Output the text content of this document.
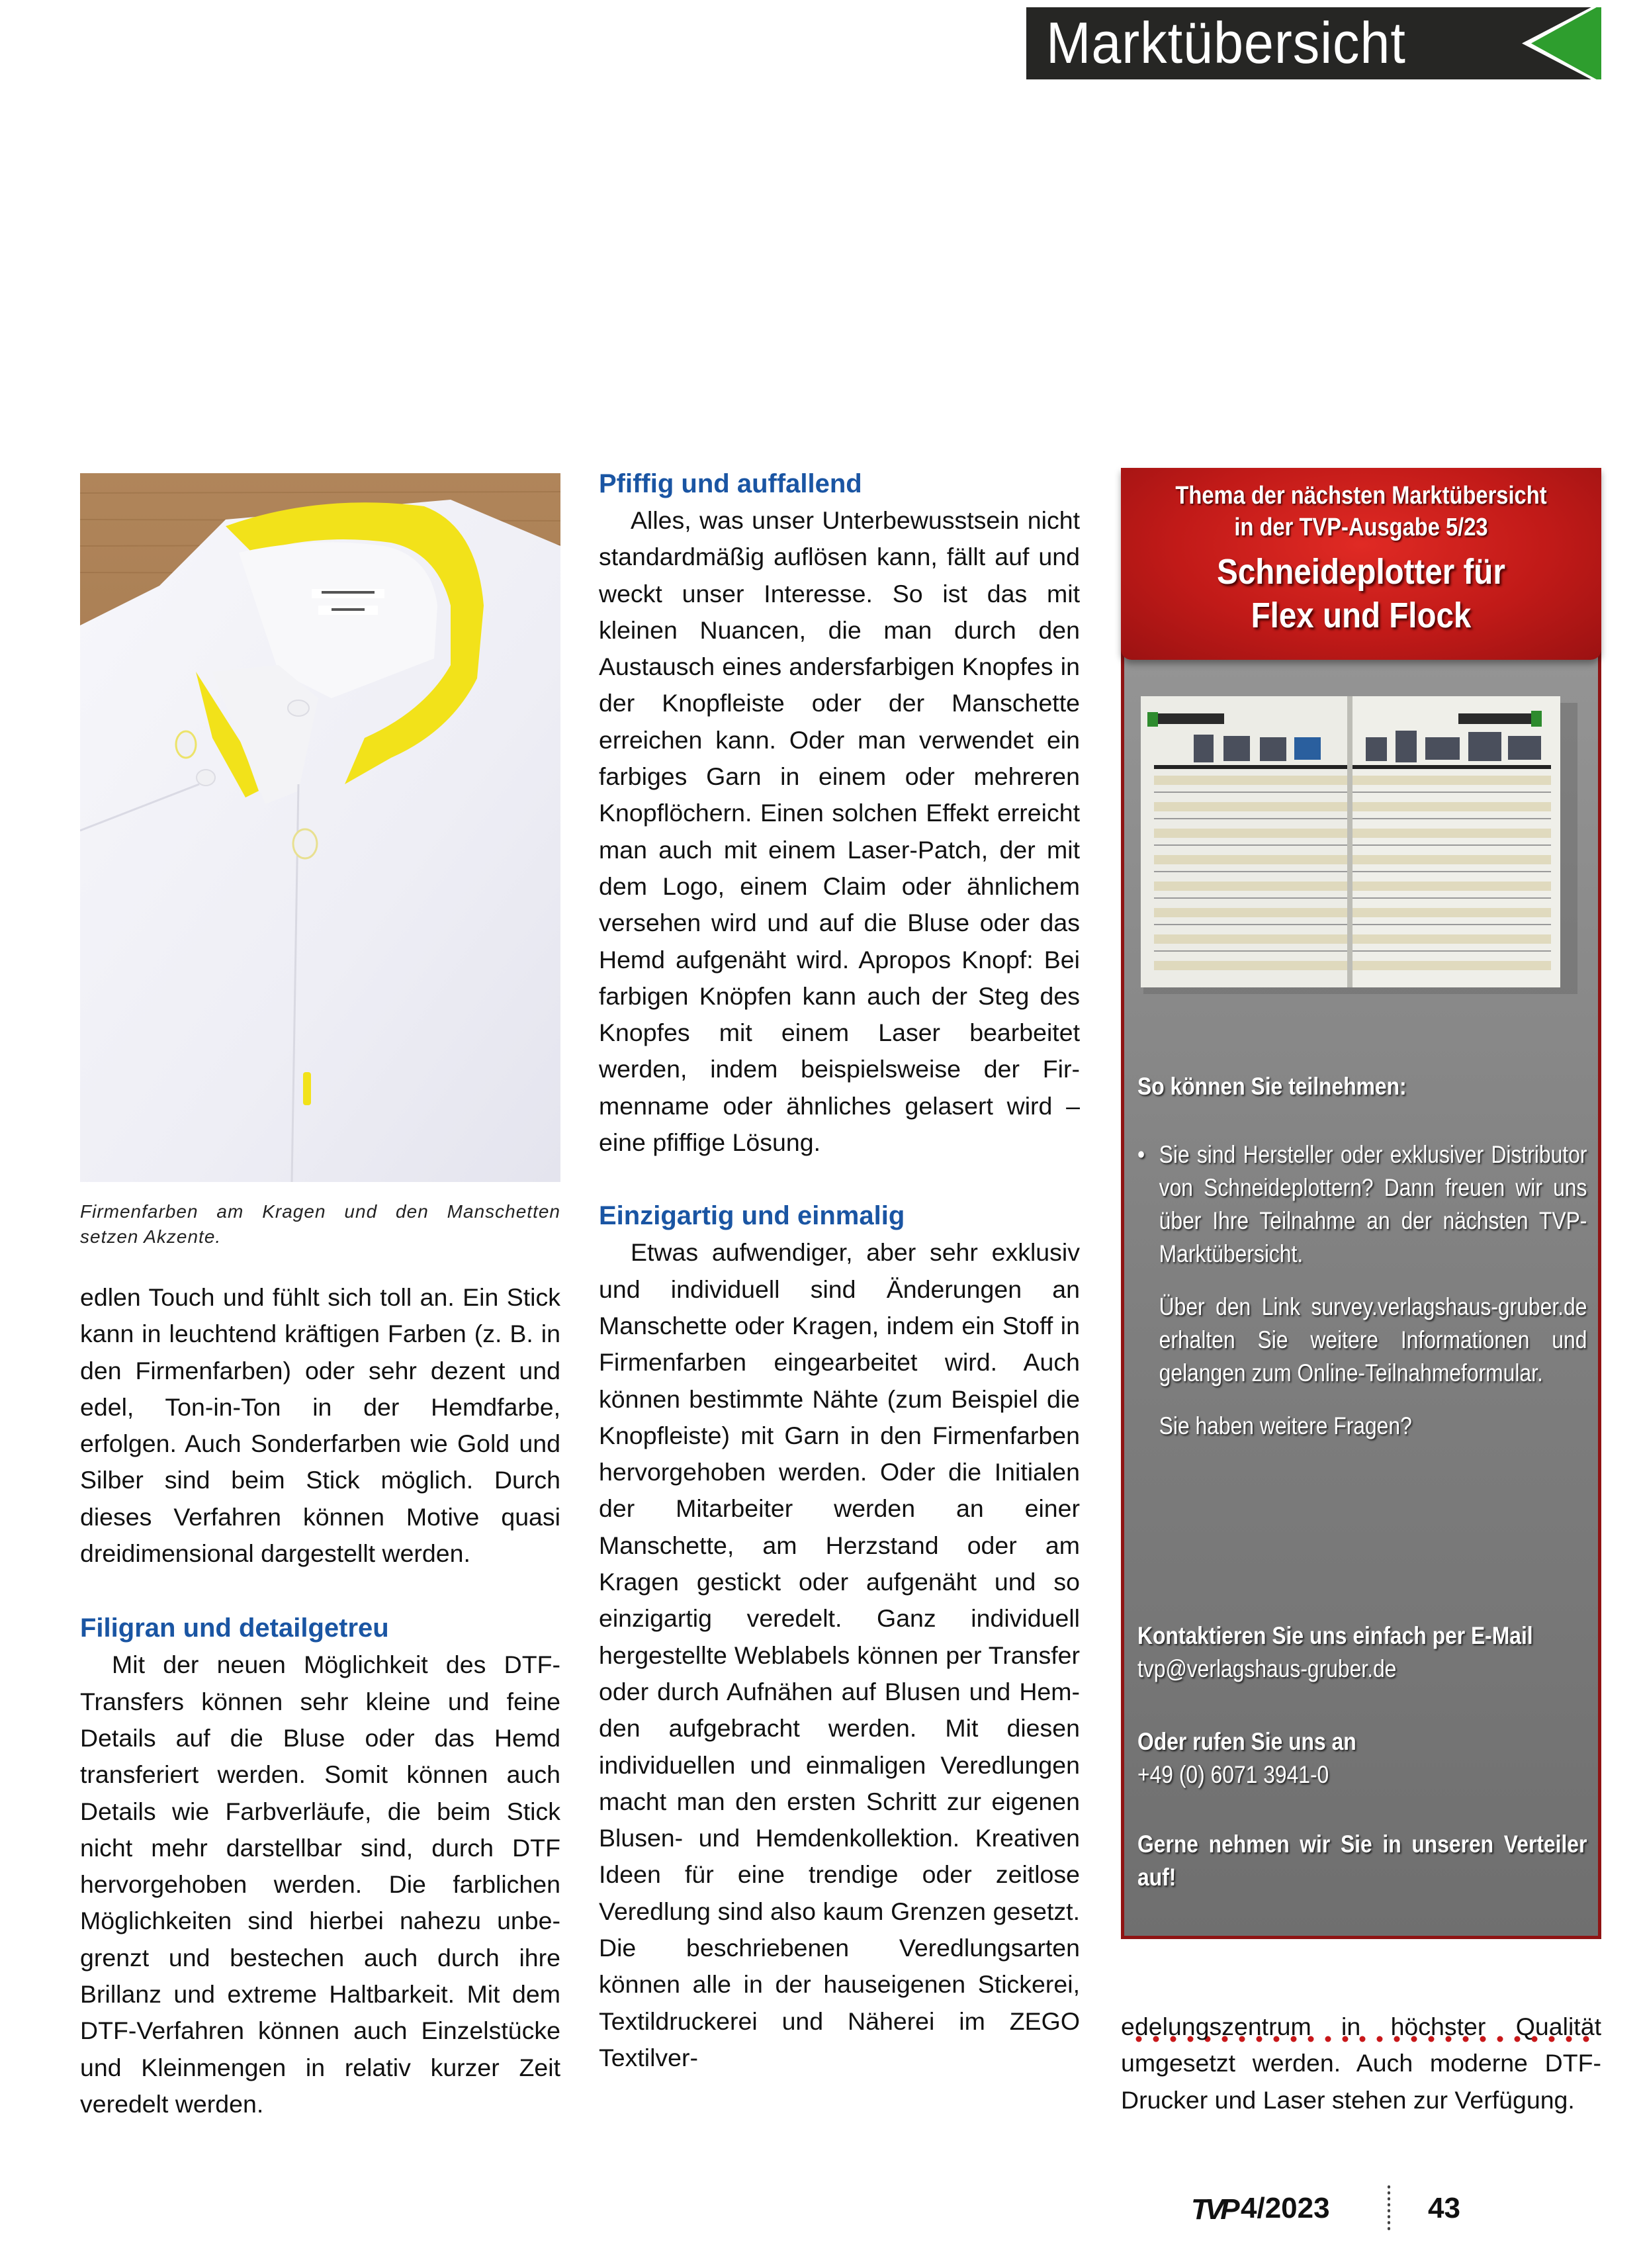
Marktübersicht
Firmenfarben am Kragen und den Manschetten setzen Akzente.

edlen Touch und fühlt sich toll an. Ein Stick kann in leuchtend kräftigen Farben (z. B. in den Firmenfarben) oder sehr dezent und edel, Ton-in-Ton in der Hemdfarbe, erfolgen. Auch Sonderfarben wie Gold und Silber sind beim Stick möglich. Durch dieses Verfahren können Motive quasi dreidimensional dargestellt werden.

Filigran und detailgetreu

Mit der neuen Möglichkeit des DTF-Transfers können sehr kleine und feine Details auf die Bluse oder das Hemd transferiert werden. Somit können auch Details wie Farbverläufe, die beim Stick nicht mehr darstellbar sind, durch DTF hervorgehoben werden. Die farblichen Möglichkeiten sind hierbei nahezu unbegrenzt und bestechen auch durch ihre Brillanz und extreme Haltbarkeit. Mit dem DTF-Verfahren können auch Einzelstücke und Kleinmengen in relativ kurzer Zeit veredelt werden.

Pfiffig und auffallend

Alles, was unser Unterbewusstsein nicht standardmäßig auflösen kann, fällt auf und weckt unser Interesse. So ist das mit kleinen Nuancen, die man durch den Austausch eines andersfarbigen Knopfes in der Knopfleiste oder der Manschette erreichen kann. Oder man verwendet ein farbiges Garn in einem oder mehreren Knopflöchern. Einen solchen Effekt erreicht man auch mit einem Laser-Patch, der mit dem Logo, einem Claim oder ähnlichem versehen wird und auf die Bluse oder das Hemd aufgenäht wird. Apropos Knopf: Bei farbigen Knöpfen kann auch der Steg des Knopfes mit einem Laser bearbeitet werden, indem beispielsweise der Firmenname oder ähnliches gelasert wird – eine pfiffige Lösung.

Einzigartig und einmalig

Etwas aufwendiger, aber sehr exklusiv und individuell sind Änderungen an Manschette oder Kragen, indem ein Stoff in Firmenfarben eingearbeitet wird. Auch können bestimmte Nähte (zum Beispiel die Knopfleiste) mit Garn in den Firmenfarben hervorgehoben werden. Oder die Initialen der Mitarbeiter werden an einer Manschette, am Herzstand oder am Kragen gestickt oder aufgenäht und so einzigartig veredelt. Ganz individuell hergestellte Weblabels können per Transfer oder durch Aufnähen auf Blusen und Hemden aufgebracht werden. Mit diesen individuellen und einmaligen Veredlungen macht man den ersten Schritt zur eigenen Blusen- und Hemdenkollektion. Kreativen Ideen für eine trendige oder zeitlose Veredlung sind also kaum Grenzen gesetzt. Die beschriebenen Veredlungsarten können alle in der hauseigenen Stickerei, Textildruckerei und Näherei im ZEGO Textilver-

Thema der nächsten Marktübersicht
in der TVP-Ausgabe 5/23
Schneideplotter für
Flex und Flock
So können Sie teilnehmen:
• Sie sind Hersteller oder exklusiver Distributor von Schneideplottern? Dann freuen wir uns über Ihre Teilnahme an der nächsten TVP-Marktübersicht.
Über den Link survey.verlagshaus-gruber.de erhalten Sie weitere Informationen und gelangen zum Online-Teilnahmeformular.
Sie haben weitere Fragen?
Kontaktieren Sie uns einfach per E-Mail
tvp@verlagshaus-gruber.de
Oder rufen Sie uns an
+49 (0) 6071 3941-0
Gerne nehmen wir Sie in unseren Verteiler auf!

edelungszentrum in höchster Qualität umgesetzt werden. Auch moderne DTF-Drucker und Laser stehen zur Verfügung.

TVP 4/2023	43
